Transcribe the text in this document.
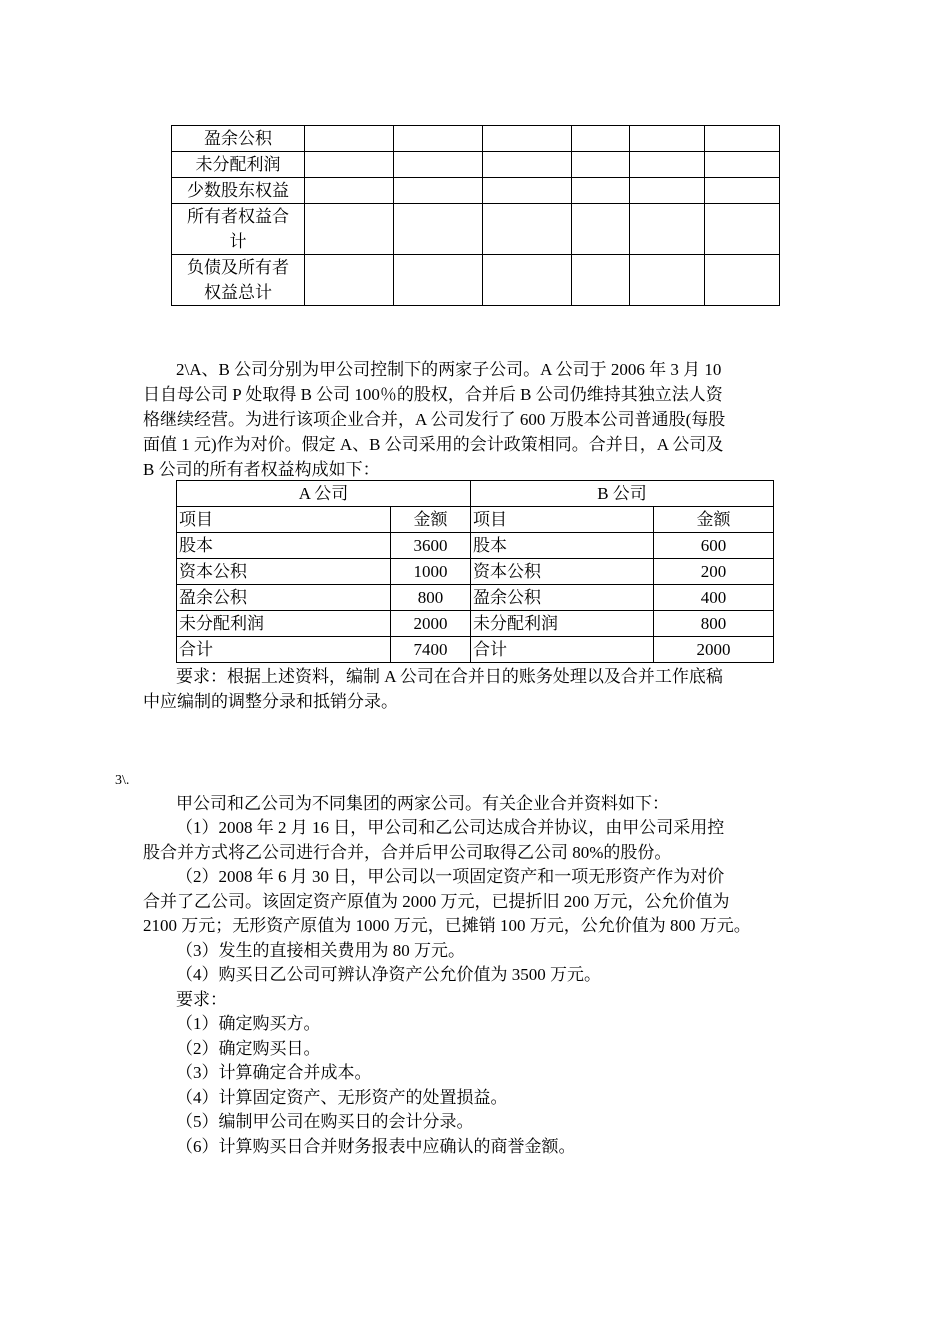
盈余公积						
未分配利润						
少数股东权益						
所有者权益合计						
负债及所有者权益总计						
2\A、B 公司分别为甲公司控制下的两家子公司。A 公司于 2006 年 3 月 10
日自母公司 P 处取得 B 公司 100％的股权，合并后 B 公司仍维持其独立法人资
格继续经营。为进行该项企业合并，A 公司发行了 600 万股本公司普通股(每股
面值 1 元)作为对价。假定 A、B 公司采用的会计政策相同。合并日，A 公司及
B 公司的所有者权益构成如下：
A 公司		B 公司	
项目	金额	项目	金额
股本	3600	股本	600
资本公积	1000	资本公积	200
盈余公积	800	盈余公积	400
未分配利润	2000	未分配利润	800
合计	7400	合计	2000
要求：根据上述资料，编制 A 公司在合并日的账务处理以及合并工作底稿
中应编制的调整分录和抵销分录。
3\.
甲公司和乙公司为不同集团的两家公司。有关企业合并资料如下：
（1）2008 年 2 月 16 日，甲公司和乙公司达成合并协议，由甲公司采用控
股合并方式将乙公司进行合并，合并后甲公司取得乙公司 80%的股份。
（2）2008 年 6 月 30 日，甲公司以一项固定资产和一项无形资产作为对价
合并了乙公司。该固定资产原值为 2000 万元，已提折旧 200 万元，公允价值为
2100 万元；无形资产原值为 1000 万元，已摊销 100 万元，公允价值为 800 万元。
（3）发生的直接相关费用为 80 万元。
（4）购买日乙公司可辨认净资产公允价值为 3500 万元。
要求：
（1）确定购买方。
（2）确定购买日。
（3）计算确定合并成本。
（4）计算固定资产、无形资产的处置损益。
（5）编制甲公司在购买日的会计分录。
（6）计算购买日合并财务报表中应确认的商誉金额。
